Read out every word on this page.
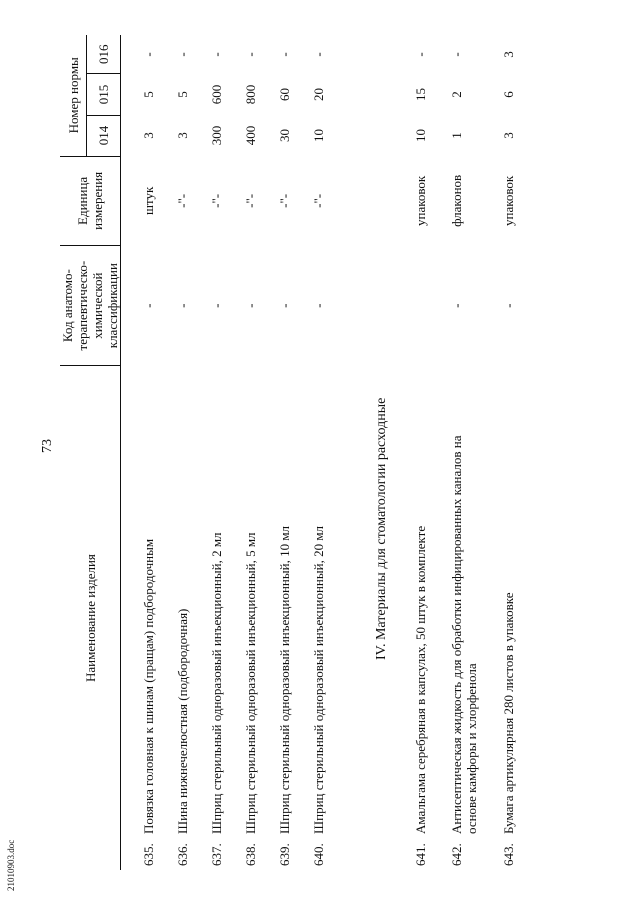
73
21010903.doc
Наименование изделия	Код анатомо-терапевтическо-химической классификации	Единица измерения	Номер нормы		
			014	015	016

635.Повязка головная к шинам (пращам) подбородочным	-	штук	3	5	-
636.Шина нижнечелюстная (подбородочная)	-	-"-	3	5	-
637.Шприц стерильный одноразовый инъекционный, 2 мл	-	-"-	300	600	-
638.Шприц стерильный одноразовый инъекционный, 5 мл	-	-"-	400	800	-
639.Шприц стерильный одноразовый инъекционный, 10 мл	-	-"-	30	60	-
640.Шприц стерильный одноразовый инъекционный, 20 мл	-	-"-	10	20	-
IV. Материалы для стоматологии расходные					
641.Амальгама серебряная в капсулах, 50 штук в комплекте		упаковок	10	15	-
642.Антисептическая жидкость для обработки инфицированных каналов на основе камфоры и хлорфенола	-	флаконов	1	2	-
643.Бумага артикулярная 280 листов в упаковке	-	упаковок	3	6	3
